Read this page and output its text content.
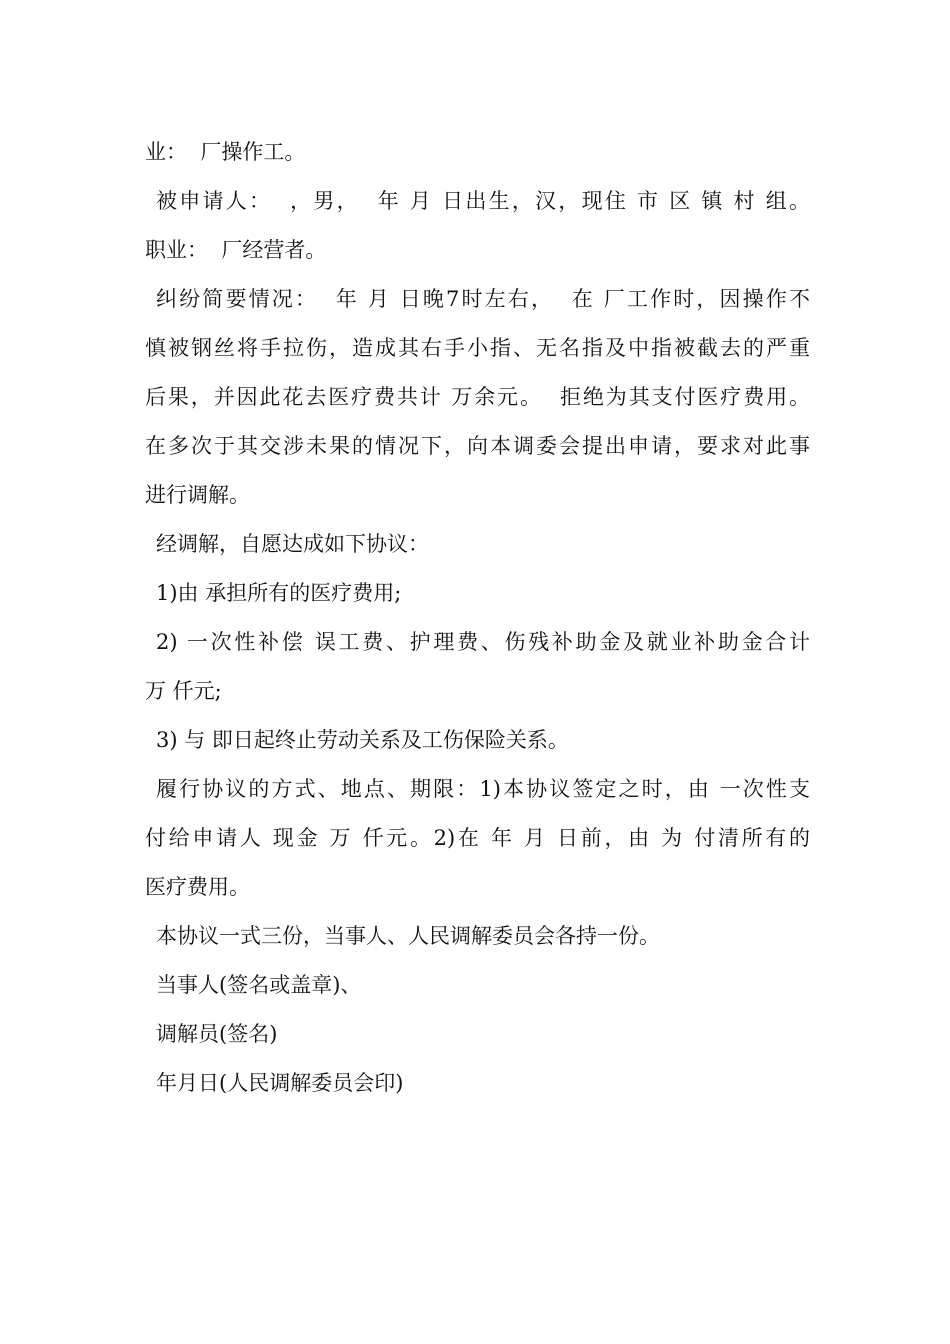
业：  厂操作工。

被申请人：  ，男，  年 月 日出生，汉，现住 市 区 镇 村 组。

职业：  厂经营者。

纠纷简要情况：  年 月 日晚7时左右，  在 厂工作时，因操作不

慎被钢丝将手拉伤，造成其右手小指、无名指及中指被截去的严重

后果，并因此花去医疗费共计 万余元。  拒绝为其支付医疗费用。

在多次于其交涉未果的情况下，向本调委会提出申请，要求对此事

进行调解。

经调解，自愿达成如下协议：

1)由 承担所有的医疗费用;

2) 一次性补偿 误工费、护理费、伤残补助金及就业补助金合计

万 仟元;

3) 与 即日起终止劳动关系及工伤保险关系。

履行协议的方式、地点、期限：1)本协议签定之时，由 一次性支

付给申请人 现金 万 仟元。2)在 年 月 日前，由 为 付清所有的

医疗费用。

本协议一式三份，当事人、人民调解委员会各持一份。

当事人(签名或盖章)、

调解员(签名)

年月日(人民调解委员会印)
